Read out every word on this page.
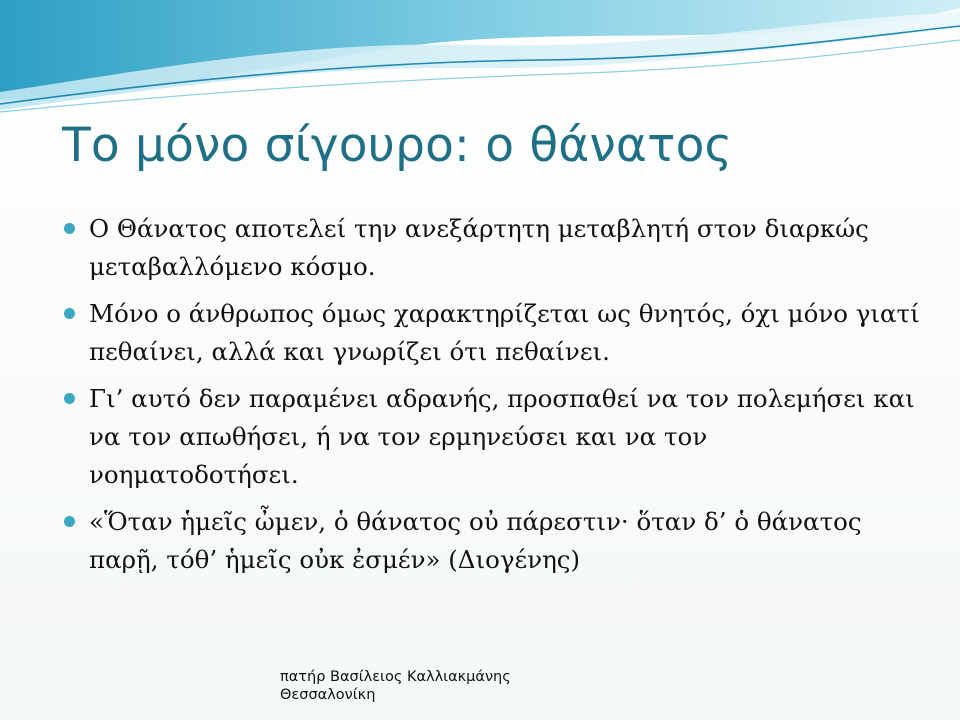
Το μόνο σίγουρο: ο θάνατος
Ο Θάνατος αποτελεί την ανεξάρτητη μεταβλητή στον διαρκώς μεταβαλλόμενο κόσμο.
Μόνο ο άνθρωπος όμως χαρακτηρίζεται ως θνητός, όχι μόνο γιατί πεθαίνει, αλλά και γνωρίζει ότι πεθαίνει.
Γι’ αυτό δεν παραμένει αδρανής, προσπαθεί να τον πολεμήσει και να τον απωθήσει, ή να τον ερμηνεύσει και να τον νοηματοδοτήσει.
«Ὅταν ἡμεῖς ὦμεν, ὁ θάνατος οὐ πάρεστιν· ὅταν δ’ ὁ θάνατος παρῇ, τόθ’ ἡμεῖς οὐκ ἐσμέν» (Διογένης)
πατήρ Βασίλειος Καλλιακμάνης
Θεσσαλονίκη
